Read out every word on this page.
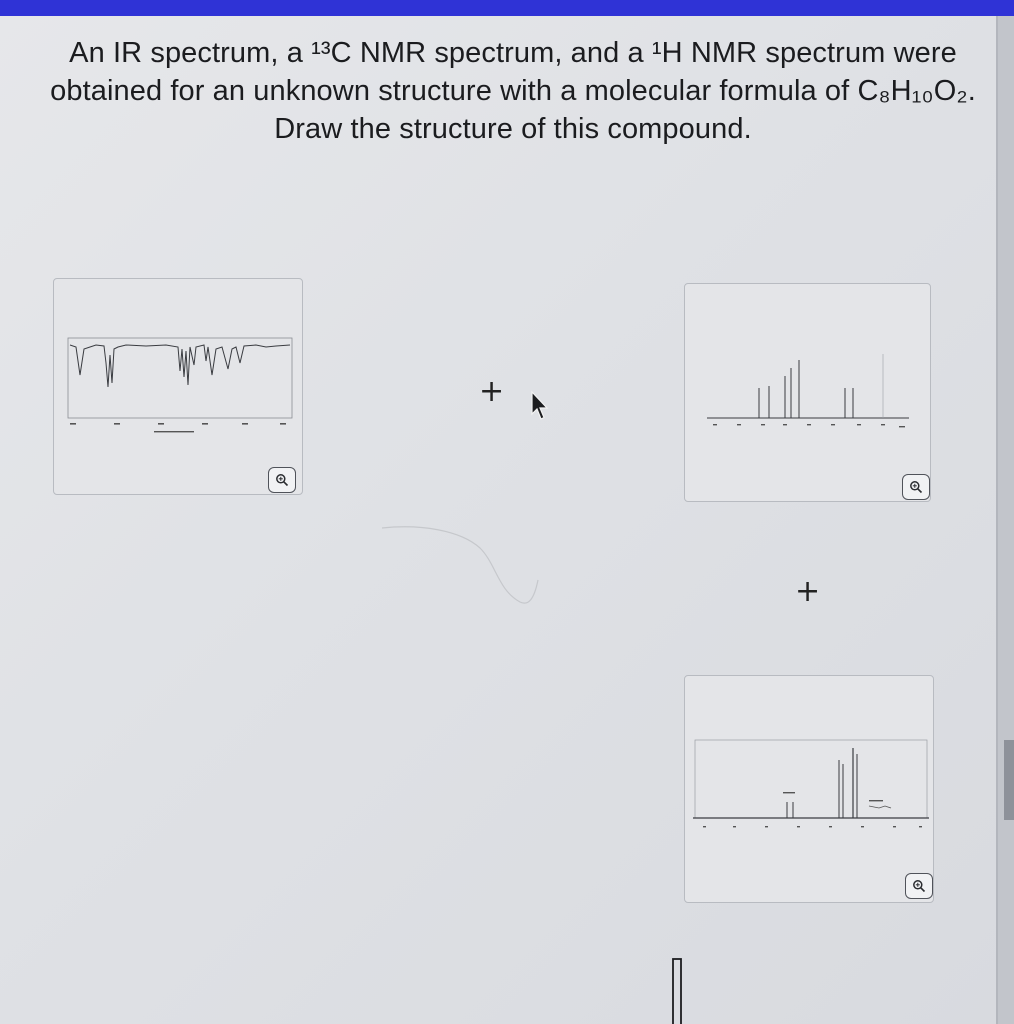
An IR spectrum, a ¹³C NMR spectrum, and a ¹H NMR spectrum were obtained for an unknown structure with a molecular formula of C₈H₁₀O₂. Draw the structure of this compound.

+
+
